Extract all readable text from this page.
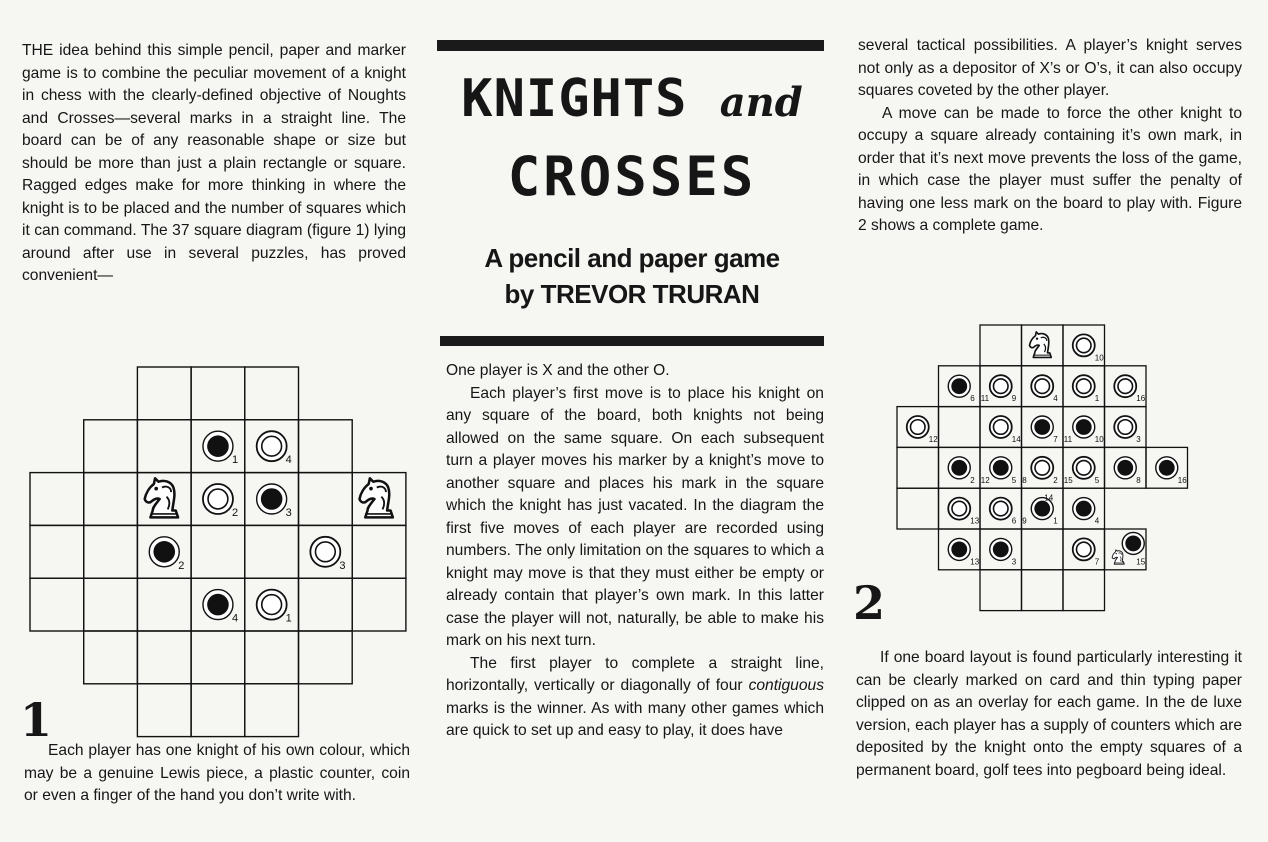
THE idea behind this simple pencil, paper and marker game is to combine the peculiar movement of a knight in chess with the clearly-defined objective of Noughts and Crosses—several marks in a straight line. The board can be of any reasonable shape or size but should be more than just a plain rectangle or square. Ragged edges make for more thinking in where the knight is to be placed and the number of squares which it can command. The 37 square diagram (figure 1) lying around after use in several puzzles, has proved convenient—

1	4
2	3
2	3
4	1
1

Each player has one knight of his own colour, which may be a genuine Lewis piece, a plastic counter, coin or even a finger of the hand you don’t write with.

KNIGHTS and
CROSSES
A pencil and paper game
by TREVOR TRURAN

One player is X and the other O.

Each player’s first move is to place his knight on any square of the board, both knights not being allowed on the same square. On each subsequent turn a player moves his marker by a knight’s move to another square and places his mark in the square which the knight has just vacated. In the diagram the first five moves of each player are recorded using numbers. The only limitation on the squares to which a knight may move is that they must either be empty or already contain that player’s own mark. In this latter case the player will not, naturally, be able to make his mark on his next turn.

The first player to complete a straight line, horizontally, vertically or diagonally of four contiguous marks is the winner. As with many other games which are quick to set up and easy to play, it does have

several tactical possibilities. A player’s knight serves not only as a depositor of X’s or O’s, it can also occupy squares coveted by the other player.

A move can be made to force the other knight to occupy a square already containing it’s own mark, in order that it’s next move prevents the loss of the game, in which case the player must suffer the penalty of having one less mark on the board to play with. Figure 2 shows a complete game.

10
6	9
11	4	1	16
12	14	7	10
11	3
2	5
12	2
8	5
15	8	16
13	6	1
9
14
4
13	3	7	15
2

If one board layout is found particularly interesting it can be clearly marked on card and thin typing paper clipped on as an overlay for each game. In the de luxe version, each player has a supply of counters which are deposited by the knight onto the empty squares of a permanent board, golf tees into pegboard being ideal.
